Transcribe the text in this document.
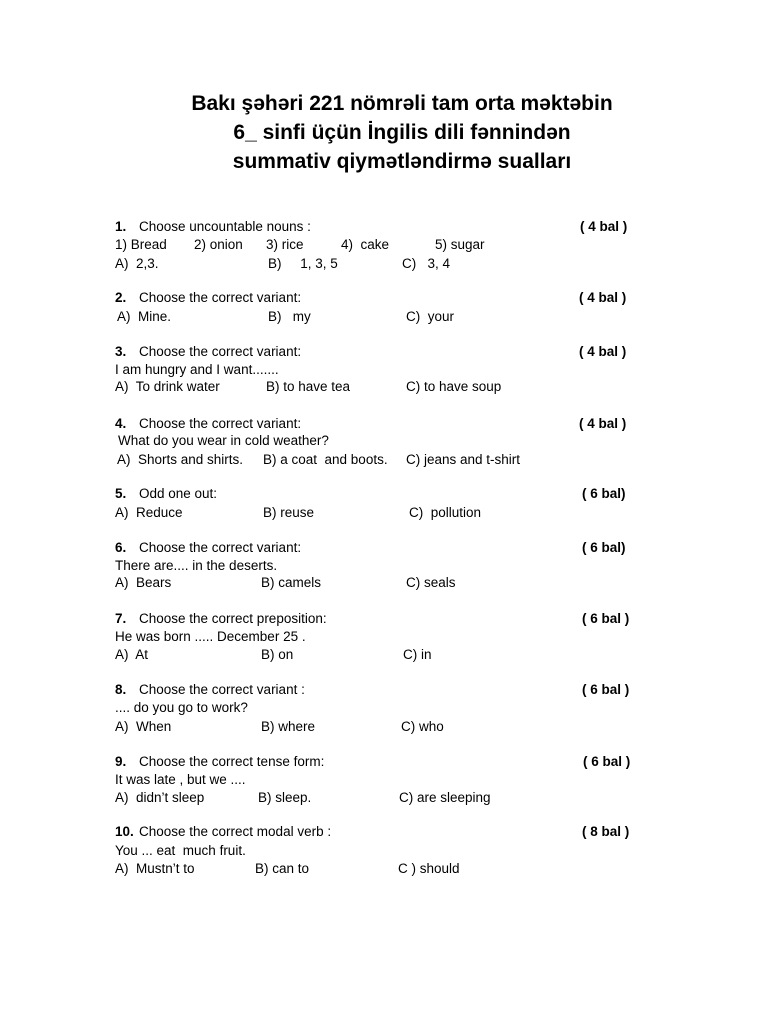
Bakı şəhəri 221 nömrəli tam orta məktəbin
6_ sinfi üçün İngilis dili fənnindən
summativ qiymətləndirmə sualları
1. Choose uncountable nouns :	( 4 bal )
1) Bread 2) onion 3) rice	4)  cake	5) sugar
A)  2,3.	B)     1, 3, 5	C)   3, 4
2. Choose the correct variant:	( 4 bal )
A)  Mine.	B)   my	C)  your
3. Choose the correct variant:	( 4 bal )
I am hungry and I want.......
A)  To drink water	B) to have tea	C) to have soup
4. Choose the correct variant:	( 4 bal )
What do you wear in cold weather?
A)  Shorts and shirts. B) a coat  and boots. C) jeans and t-shirt
5. Odd one out:	( 6 bal)
A)  Reduce	B) reuse	C)  pollution
6. Choose the correct variant:	( 6 bal)
There are.... in the deserts.
A)  Bears	B) camels	C) seals
7. Choose the correct preposition:	( 6 bal )
He was born ..... December 25 .
A)  At	B) on	C) in
8. Choose the correct variant :	( 6 bal )
.... do you go to work?
A)  When	B) where	C) who
9. Choose the correct tense form:	( 6 bal )
It was late , but we ....
A)  didn’t sleep	B) sleep.	C) are sleeping
10. Choose the correct modal verb :	( 8 bal )
You ... eat  much fruit.
A)  Mustn’t to	B) can to	C ) should
